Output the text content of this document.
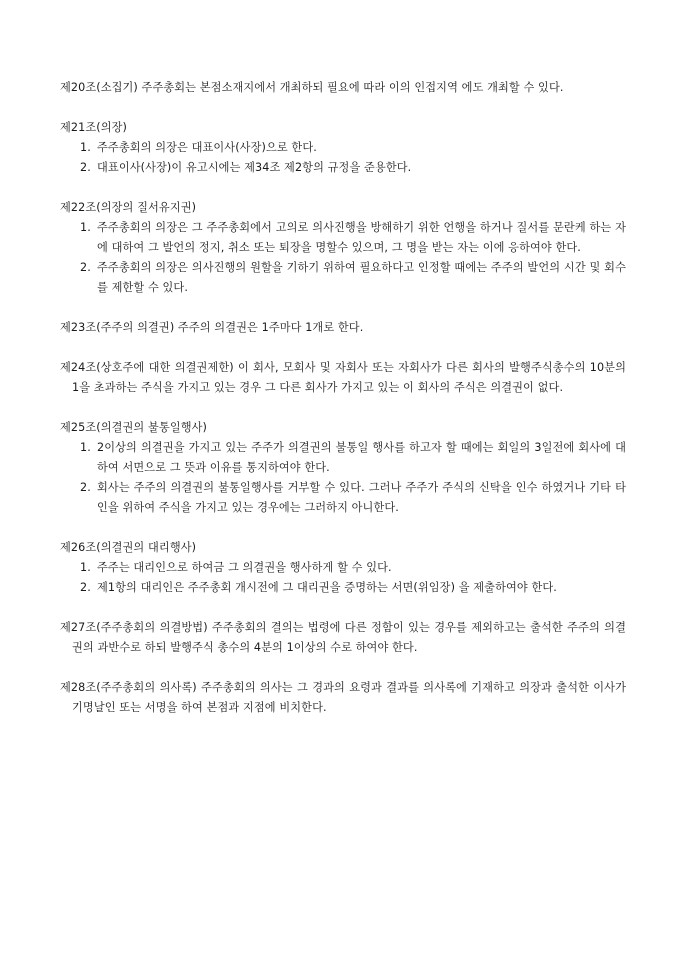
제20조(소집기) 주주총회는 본점소재지에서 개최하되 필요에 따라 이의 인접지역 에도 개최할 수 있다.
제21조(의장)
1. 주주총회의 의장은 대표이사(사장)으로 한다.
2. 대표이사(사장)이 유고시에는 제34조 제2항의 규정을 준용한다.
제22조(의장의 질서유지권)
1. 주주총회의 의장은 그 주주총회에서 고의로 의사진행을 방해하기 위한 언행을 하거나 질서를 문란케 하는 자에 대하여 그 발언의 정지, 취소 또는 퇴장을 명할수 있으며, 그 명을 받는 자는 이에 응하여야 한다.
2. 주주총회의 의장은 의사진행의 원할을 기하기 위하여 필요하다고 인정할 때에는 주주의 발언의 시간 및 회수를 제한할 수 있다.
제23조(주주의 의결권) 주주의 의결권은 1주마다 1개로 한다.
제24조(상호주에 대한 의결권제한) 이 회사, 모회사 및 자회사 또는 자회사가 다른 회사의 발행주식총수의 10분의 1을 초과하는 주식을 가지고 있는 경우 그 다른 회사가 가지고 있는 이 회사의 주식은 의결권이 없다.
제25조(의결권의 불통일행사)
1. 2이상의 의결권을 가지고 있는 주주가 의결권의 불통일 행사를 하고자 할 때에는 회일의 3일전에 회사에 대하여 서면으로 그 뜻과 이유를 통지하여야 한다.
2. 회사는 주주의 의결권의 불통일행사를 거부할 수 있다. 그러나 주주가 주식의 신탁을 인수 하였거나 기타 타인을 위하여 주식을 가지고 있는 경우에는 그러하지 아니한다.
제26조(의결권의 대리행사)
1. 주주는 대리인으로 하여금 그 의결권을 행사하게 할 수 있다.
2. 제1항의 대리인은 주주총회 개시전에 그 대리권을 증명하는 서면(위임장) 을 제출하여야 한다.
제27조(주주총회의 의결방법) 주주총회의 결의는 법령에 다른 정함이 있는 경우를 제외하고는 출석한 주주의 의결권의 과반수로 하되 발행주식 총수의 4분의 1이상의 수로 하여야 한다.
제28조(주주총회의 의사록) 주주총회의 의사는 그 경과의 요령과 결과를 의사록에 기재하고 의장과 출석한 이사가 기명날인 또는 서명을 하여 본점과 지점에 비치한다.
